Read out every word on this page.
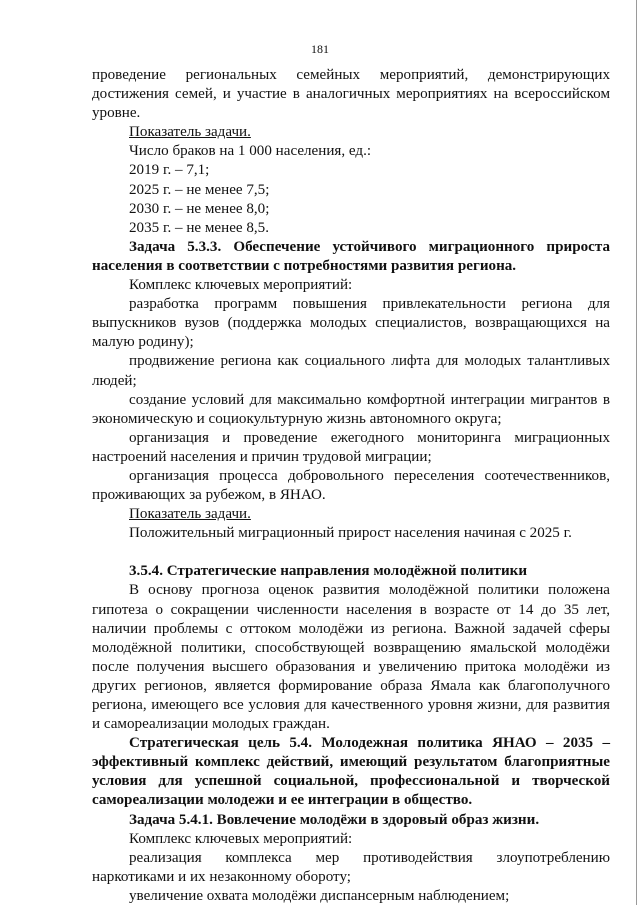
181

проведение региональных семейных мероприятий, демонстрирующих достижения семей, и участие в аналогичных мероприятиях на всероссийском уровне.

Показатель задачи.

Число браков на 1 000 населения, ед.:

2019 г. – 7,1;

2025 г. – не менее 7,5;

2030 г. – не менее 8,0;

2035 г. – не менее 8,5.

Задача 5.3.3. Обеспечение устойчивого миграционного прироста населения в соответствии с потребностями развития региона.

Комплекс ключевых мероприятий:

разработка программ повышения привлекательности региона для выпускников вузов (поддержка молодых специалистов, возвращающихся на малую родину);

продвижение региона как социального лифта для молодых талантливых людей;

создание условий для максимально комфортной интеграции мигрантов в экономическую и социокультурную жизнь автономного округа;

организация и проведение ежегодного мониторинга миграционных настроений населения и причин трудовой миграции;

организация процесса добровольного переселения соотечественников, проживающих за рубежом, в ЯНАО.

Показатель задачи.

Положительный миграционный прирост населения начиная с 2025 г.

3.5.4. Стратегические направления молодёжной политики

В основу прогноза оценок развития молодёжной политики положена гипотеза о сокращении численности населения в возрасте от 14 до 35 лет, наличии проблемы с оттоком молодёжи из региона. Важной задачей сферы молодёжной политики, способствующей возвращению ямальской молодёжи после получения высшего образования и увеличению притока молодёжи из других регионов, является формирование образа Ямала как благополучного региона, имеющего все условия для качественного уровня жизни, для развития и самореализации молодых граждан.

Стратегическая цель 5.4. Молодежная политика ЯНАО – 2035 – эффективный комплекс действий, имеющий результатом благоприятные условия для успешной социальной, профессиональной и творческой самореализации молодежи и ее интеграции в общество.

Задача 5.4.1. Вовлечение молодёжи в здоровый образ жизни.

Комплекс ключевых мероприятий:

реализация комплекса мер противодействия злоупотреблению наркотиками и их незаконному обороту;

увеличение охвата молодёжи диспансерным наблюдением;
